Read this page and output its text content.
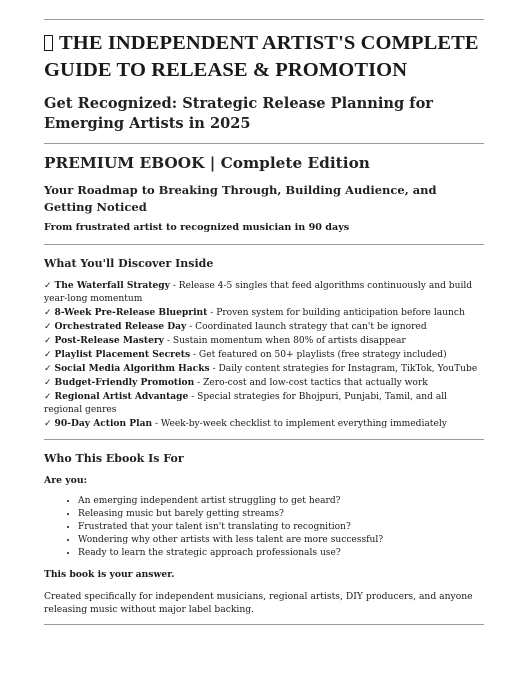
THE INDEPENDENT ARTIST'S COMPLETE GUIDE TO RELEASE & PROMOTION
Get Recognized: Strategic Release Planning for Emerging Artists in 2025
PREMIUM EBOOK | Complete Edition
Your Roadmap to Breaking Through, Building Audience, and Getting Noticed
From frustrated artist to recognized musician in 90 days
What You'll Discover Inside
✓ The Waterfall Strategy - Release 4-5 singles that feed algorithms continuously and build year-long momentum
✓ 8-Week Pre-Release Blueprint - Proven system for building anticipation before launch
✓ Orchestrated Release Day - Coordinated launch strategy that can't be ignored
✓ Post-Release Mastery - Sustain momentum when 80% of artists disappear
✓ Playlist Placement Secrets - Get featured on 50+ playlists (free strategy included)
✓ Social Media Algorithm Hacks - Daily content strategies for Instagram, TikTok, YouTube
✓ Budget-Friendly Promotion - Zero-cost and low-cost tactics that actually work
✓ Regional Artist Advantage - Special strategies for Bhojpuri, Punjabi, Tamil, and all regional genres
✓ 90-Day Action Plan - Week-by-week checklist to implement everything immediately
Who This Ebook Is For
Are you:
• An emerging independent artist struggling to get heard?
• Releasing music but barely getting streams?
• Frustrated that your talent isn't translating to recognition?
• Wondering why other artists with less talent are more successful?
• Ready to learn the strategic approach professionals use?
This book is your answer.
Created specifically for independent musicians, regional artists, DIY producers, and anyone releasing music without major label backing.
